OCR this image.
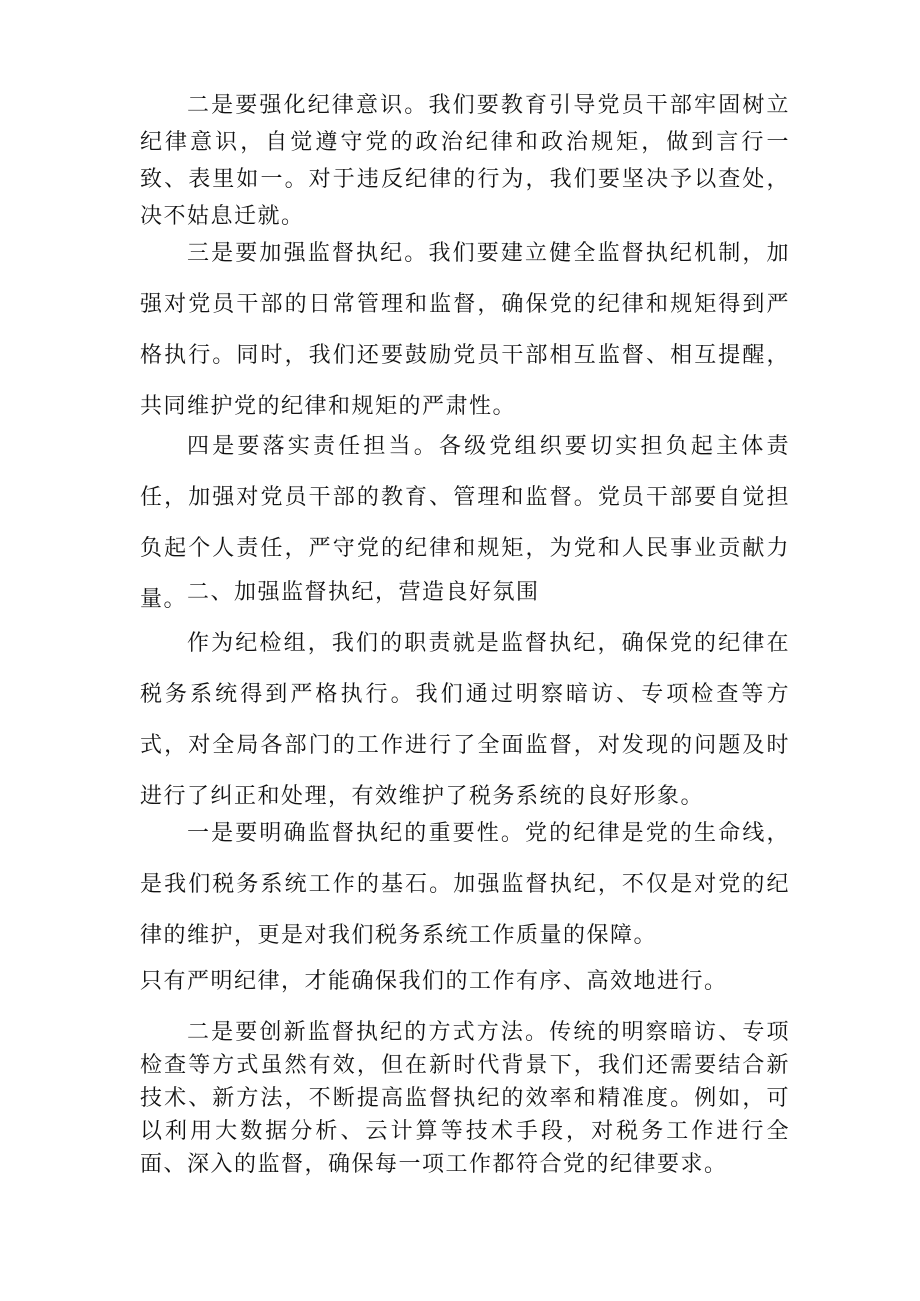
二是要强化纪律意识。我们要教育引导党员干部牢固树立纪律意识，自觉遵守党的政治纪律和政治规矩，做到言行一致、表里如一。对于违反纪律的行为，我们要坚决予以查处，决不姑息迁就。

三是要加强监督执纪。我们要建立健全监督执纪机制，加强对党员干部的日常管理和监督，确保党的纪律和规矩得到严格执行。同时，我们还要鼓励党员干部相互监督、相互提醒，共同维护党的纪律和规矩的严肃性。

四是要落实责任担当。各级党组织要切实担负起主体责任，加强对党员干部的教育、管理和监督。党员干部要自觉担负起个人责任，严守党的纪律和规矩，为党和人民事业贡献力量。 二、加强监督执纪，营造良好氛围

作为纪检组，我们的职责就是监督执纪，确保党的纪律在税务系统得到严格执行。我们通过明察暗访、专项检查等方式，对全局各部门的工作进行了全面监督，对发现的问题及时进行了纠正和处理，有效维护了税务系统的良好形象。

一是要明确监督执纪的重要性。党的纪律是党的生命线，是我们税务系统工作的基石。加强监督执纪，不仅是对党的纪律的维护，更是对我们税务系统工作质量的保障。

只有严明纪律，才能确保我们的工作有序、高效地进行。

二是要创新监督执纪的方式方法。传统的明察暗访、专项检查等方式虽然有效，但在新时代背景下，我们还需要结合新技术、新方法，不断提高监督执纪的效率和精准度。例如，可以利用大数据分析、云计算等技术手段，对税务工作进行全面、深入的监督，确保每一项工作都符合党的纪律要求。
